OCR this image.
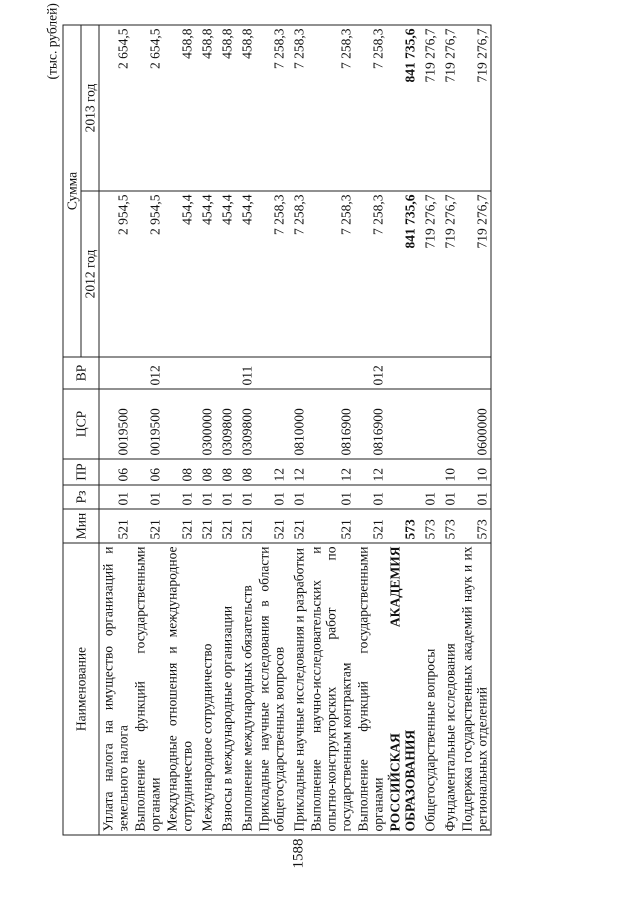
1588
(тыс. рублей)
Наименование	Мин	Рз	ПР	ЦСР	ВР	Сумма	
						2012 год	2013 год
Уплата налога на имущество организаций и земельного налога	521	01	06	0019500		2 954,5	2 654,5
Выполнение функций государственными органами	521	01	06	0019500	012	2 954,5	2 654,5
Международные отношения и международное сотрудничество	521	01	08			454,4	458,8
Международное сотрудничество	521	01	08	0300000		454,4	458,8
Взносы в международные организации	521	01	08	0309800		454,4	458,8
Выполнение международных обязательств	521	01	08	0309800	011	454,4	458,8
Прикладные научные исследования в области общегосударственных вопросов	521	01	12			7 258,3	7 258,3
Прикладные научные исследования и разработки	521	01	12	0810000		7 258,3	7 258,3
Выполнение научно-исследовательских и опытно-конструкторских работ по государственным контрактам	521	01	12	0816900		7 258,3	7 258,3
Выполнение функций государственными органами	521	01	12	0816900	012	7 258,3	7 258,3
РОССИЙСКАЯ АКАДЕМИЯ ОБРАЗОВАНИЯ	573					841 735,6	841 735,6
Общегосударственные вопросы	573	01				719 276,7	719 276,7
Фундаментальные исследования	573	01	10			719 276,7	719 276,7
Поддержка государственных академий наук и их региональных отделений	573	01	10	0600000		719 276,7	719 276,7
